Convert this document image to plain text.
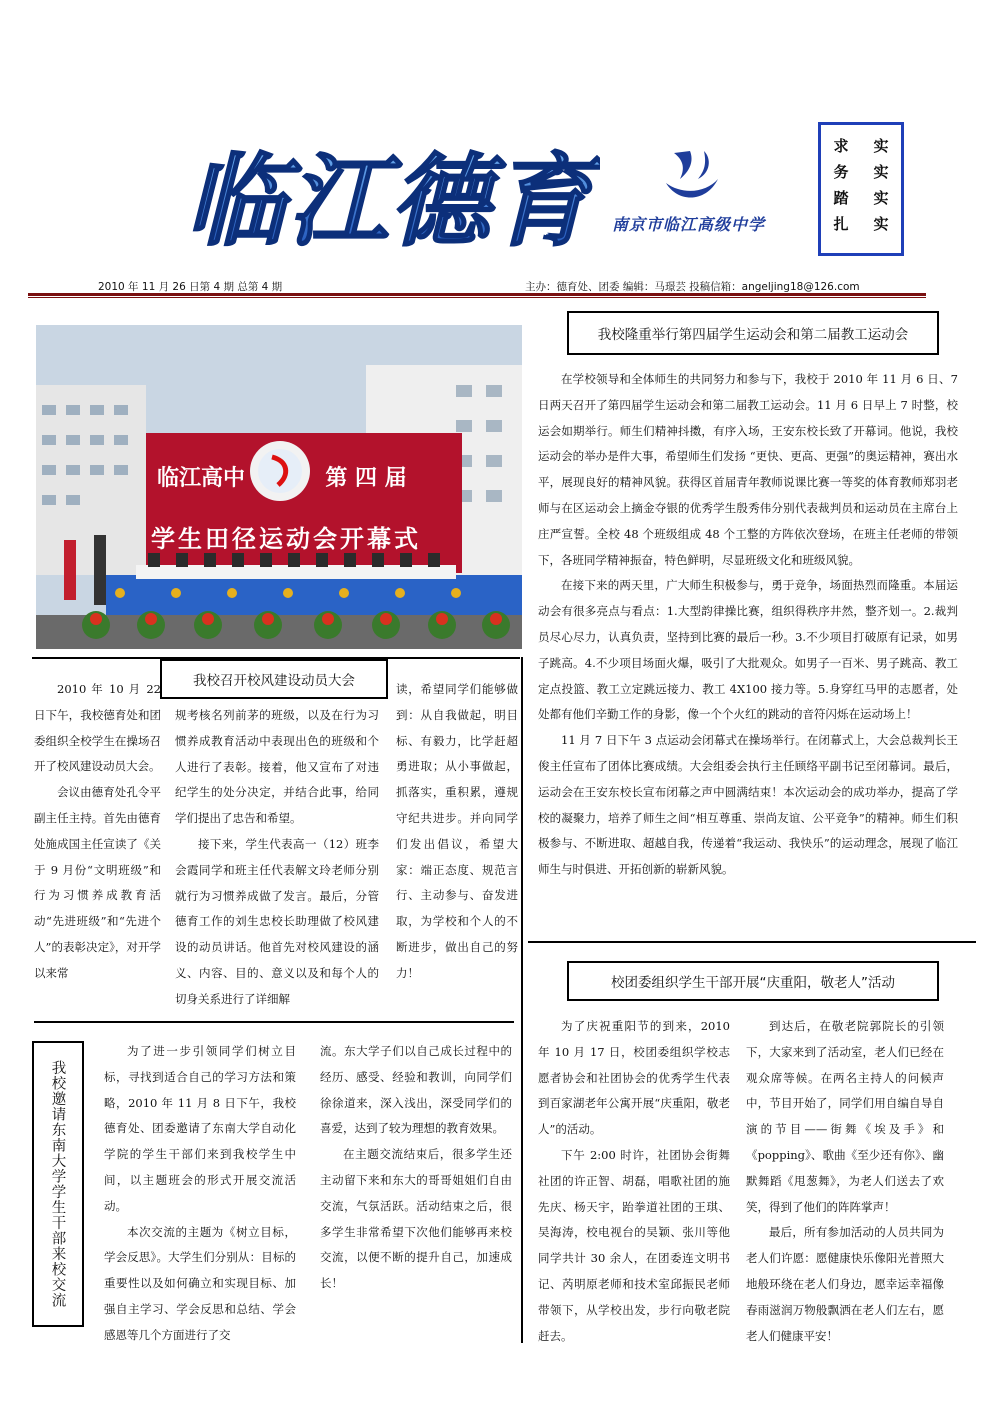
临江德育	南京市临江高级中学
求 实
务 实
踏 实
扎 实
2010 年 11 月 26 日第 4 期 总第 4 期	主办：德育处、团委 编辑：马璟芸 投稿信箱：angeljing18@126.com
我校隆重举行第四届学生运动会和第二届教工运动会
临江高中	第 四 届
学生田径运动会开幕式

在学校领导和全体师生的共同努力和参与下，我校于 2010 年 11 月 6 日、7 日两天召开了第四届学生运动会和第二届教工运动会。11 月 6 日早上 7 时整，校运会如期举行。师生们精神抖擞，有序入场，王安东校长致了开幕词。他说，我校运动会的举办是件大事，希望师生们发扬 “更快、更高、更强”的奥运精神，赛出水平，展现良好的精神风貌。获得区首届青年教师说课比赛一等奖的体育教师郑羽老师与在区运动会上摘金夺银的优秀学生殷秀伟分别代表裁判员和运动员在主席台上庄严宣誓。全校 48 个班级组成 48 个工整的方阵依次登场，在班主任老师的带领下，各班同学精神振奋，特色鲜明，尽显班级文化和班级风貌。

在接下来的两天里，广大师生积极参与，勇于竞争，场面热烈而隆重。本届运动会有很多亮点与看点：1.大型韵律操比赛，组织得秩序井然，整齐划一。2.裁判员尽心尽力，认真负责，坚持到比赛的最后一秒。3.不少项目打破原有记录，如男子跳高。4.不少项目场面火爆，吸引了大批观众。如男子一百米、男子跳高、教工定点投篮、教工立定跳远接力、教工 4X100 接力等。5.身穿红马甲的志愿者，处处都有他们辛勤工作的身影，像一个个火红的跳动的音符闪烁在运动场上！

11 月 7 日下午 3 点运动会闭幕式在操场举行。在闭幕式上，大会总裁判长王俊主任宣布了团体比赛成绩。大会组委会执行主任顾络平副书记至闭幕词。最后，运动会在王安东校长宣布闭幕之声中圆满结束！本次运动会的成功举办，提高了学校的凝聚力，培养了师生之间“相互尊重、崇尚友谊、公平竞争”的精神。师生们积极参与、不断进取、超越自我，传递着“我运动、我快乐”的运动理念，展现了临江师生与时俱进、开拓创新的崭新风貌。

我校召开校风建设动员大会

2010 年 10 月 22 日下午，我校德育处和团委组织全校学生在操场召开了校风建设动员大会。

会议由德育处孔令平副主任主持。首先由德育处施成国主任宣读了《关于 9 月份“文明班级”和行为习惯养成教育活动“先进班级”和“先进个人”的表彰决定》，对开学以来常

规考核名列前茅的班级，以及在行为习惯养成教育活动中表现出色的班级和个人进行了表彰。接着，他又宣布了对违纪学生的处分决定，并结合此事，给同学们提出了忠告和希望。

接下来，学生代表高一（12）班李会霞同学和班主任代表解文玲老师分别就行为习惯养成做了发言。最后，分管德育工作的刘生忠校长助理做了校风建设的动员讲话。他首先对校风建设的涵义、内容、目的、意义以及和每个人的切身关系进行了详细解

读，希望同学们能够做到：从自我做起，明目标、有毅力，比学赶超勇进取；从小事做起，抓落实，重积累，遵规守纪共进步。并向同学们发出倡议，希望大家：端正态度、规范言行、主动参与、奋发进取，为学校和个人的不断进步，做出自己的努力！

我校邀请东南大学学生干部来校交流

为了进一步引领同学们树立目标，寻找到适合自己的学习方法和策略，2010 年 11 月 8 日下午，我校德育处、团委邀请了东南大学自动化学院的学生干部们来到我校学生中间，以主题班会的形式开展交流活动。

本次交流的主题为《树立目标，学会反思》。大学生们分别从：目标的重要性以及如何确立和实现目标、加强自主学习、学会反思和总结、学会感恩等几个方面进行了交

流。东大学子们以自己成长过程中的经历、感受、经验和教训，向同学们徐徐道来，深入浅出，深受同学们的喜爱，达到了较为理想的教育效果。

在主题交流结束后，很多学生还主动留下来和东大的哥哥姐姐们自由交流，气氛活跃。活动结束之后，很多学生非常希望下次他们能够再来校交流，以便不断的提升自己，加速成长！

校团委组织学生干部开展“庆重阳，敬老人”活动

为了庆祝重阳节的到来，2010 年 10 月 17 日，校团委组织学校志愿者协会和社团协会的优秀学生代表到百家湖老年公寓开展“庆重阳，敬老人”的活动。

下午 2:00 时许，社团协会街舞社团的许正智、胡磊，唱歌社团的施先庆、杨天宇，跆拳道社团的王琪、吴海涛，校电视台的吴颖、张川等他同学共计 30 余人，在团委连文明书记、芮明原老师和技术室邱振民老师带领下，从学校出发，步行向敬老院赶去。

到达后，在敬老院郭院长的引领下，大家来到了活动室，老人们已经在观众席等候。在两名主持人的问候声中，节目开始了，同学们用自编自导自演的节目——街舞《埃及手》和《popping》、歌曲《至少还有你》、幽默舞蹈《甩葱舞》，为老人们送去了欢笑，得到了他们的阵阵掌声！

最后，所有参加活动的人员共同为老人们许愿：愿健康快乐像阳光普照大地般环绕在老人们身边，愿幸运幸福像春雨滋润万物般飘洒在老人们左右，愿老人们健康平安！
